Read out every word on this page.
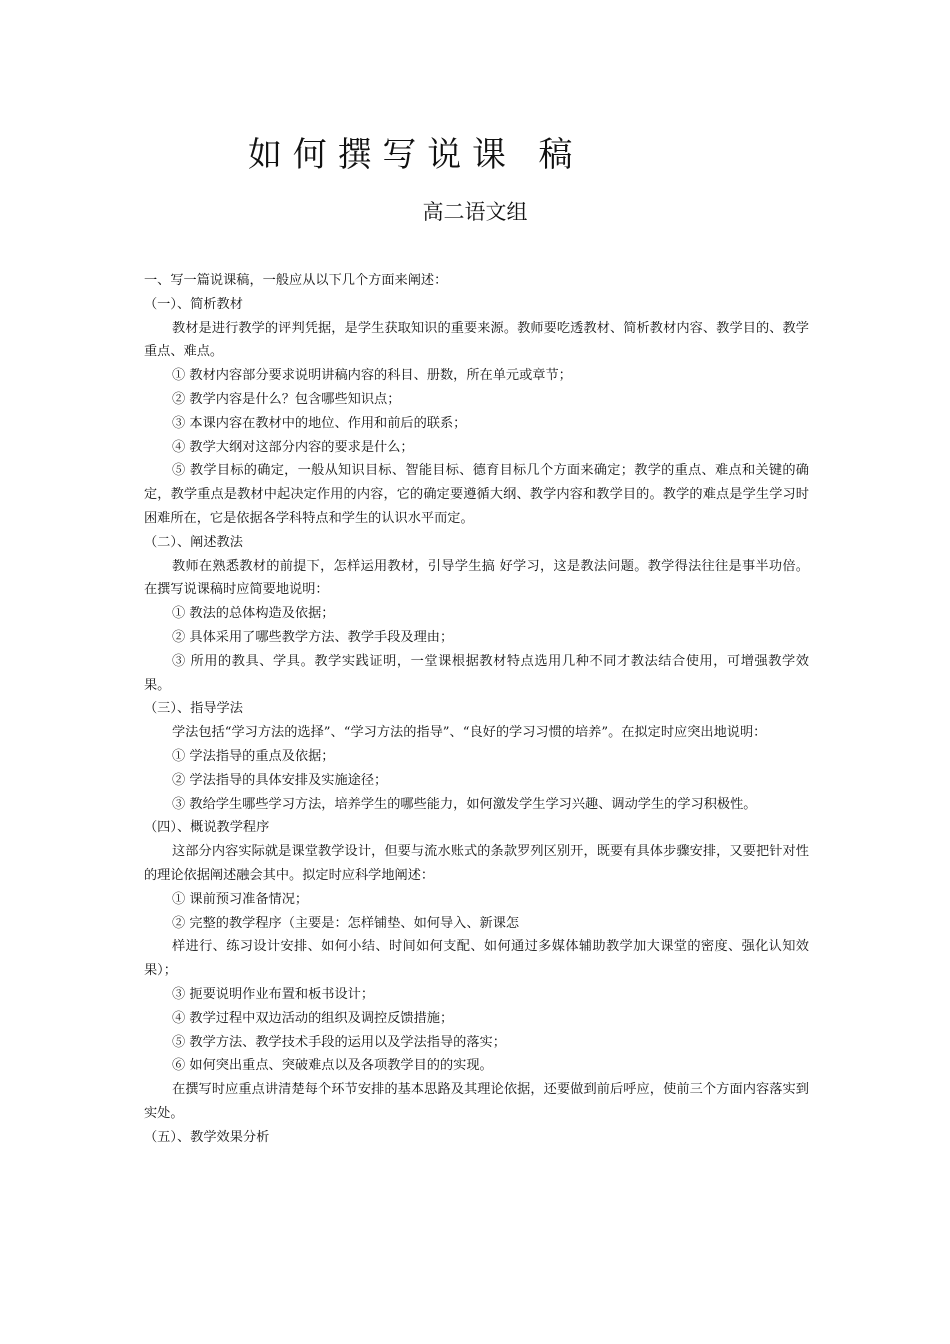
如 何 撰 写 说 课   稿
高二语文组
一、写一篇说课稿，一般应从以下几个方面来阐述：
（一）、简析教材
教材是进行教学的评判凭据，是学生获取知识的重要来源。教师要吃透教材、简析教材内容、教学目的、教学重点、难点。
① 教材内容部分要求说明讲稿内容的科目、册数，所在单元或章节；
② 教学内容是什么？包含哪些知识点；
③ 本课内容在教材中的地位、作用和前后的联系；
④ 教学大纲对这部分内容的要求是什么；
⑤ 教学目标的确定，一般从知识目标、智能目标、德育目标几个方面来确定；教学的重点、难点和关键的确定，教学重点是教材中起决定作用的内容，它的确定要遵循大纲、教学内容和教学目的。教学的难点是学生学习时困难所在，它是依据各学科特点和学生的认识水平而定。
（二）、阐述教法
教师在熟悉教材的前提下，怎样运用教材，引导学生搞 好学习，这是教法问题。教学得法往往是事半功倍。在撰写说课稿时应简要地说明：
① 教法的总体构造及依据；
② 具体采用了哪些教学方法、教学手段及理由；
③ 所用的教具、学具。教学实践证明，一堂课根据教材特点选用几种不同才教法结合使用，可增强教学效果。
（三）、指导学法
学法包括“学习方法的选择”、“学习方法的指导”、“良好的学习习惯的培养”。在拟定时应突出地说明：
① 学法指导的重点及依据；
② 学法指导的具体安排及实施途径；
③ 教给学生哪些学习方法，培养学生的哪些能力，如何激发学生学习兴趣、调动学生的学习积极性。
（四）、概说教学程序
这部分内容实际就是课堂教学设计，但要与流水账式的条款罗列区别开，既要有具体步骤安排，又要把针对性的理论依据阐述融会其中。拟定时应科学地阐述：
① 课前预习准备情况；
② 完整的教学程序（主要是：怎样铺垫、如何导入、新课怎
样进行、练习设计安排、如何小结、时间如何支配、如何通过多媒体辅助教学加大课堂的密度、强化认知效果）；
③ 扼要说明作业布置和板书设计；
④ 教学过程中双边活动的组织及调控反馈措施；
⑤ 教学方法、教学技术手段的运用以及学法指导的落实；
⑥ 如何突出重点、突破难点以及各项教学目的的实现。
在撰写时应重点讲清楚每个环节安排的基本思路及其理论依据，还要做到前后呼应，使前三个方面内容落实到实处。
（五）、教学效果分析
